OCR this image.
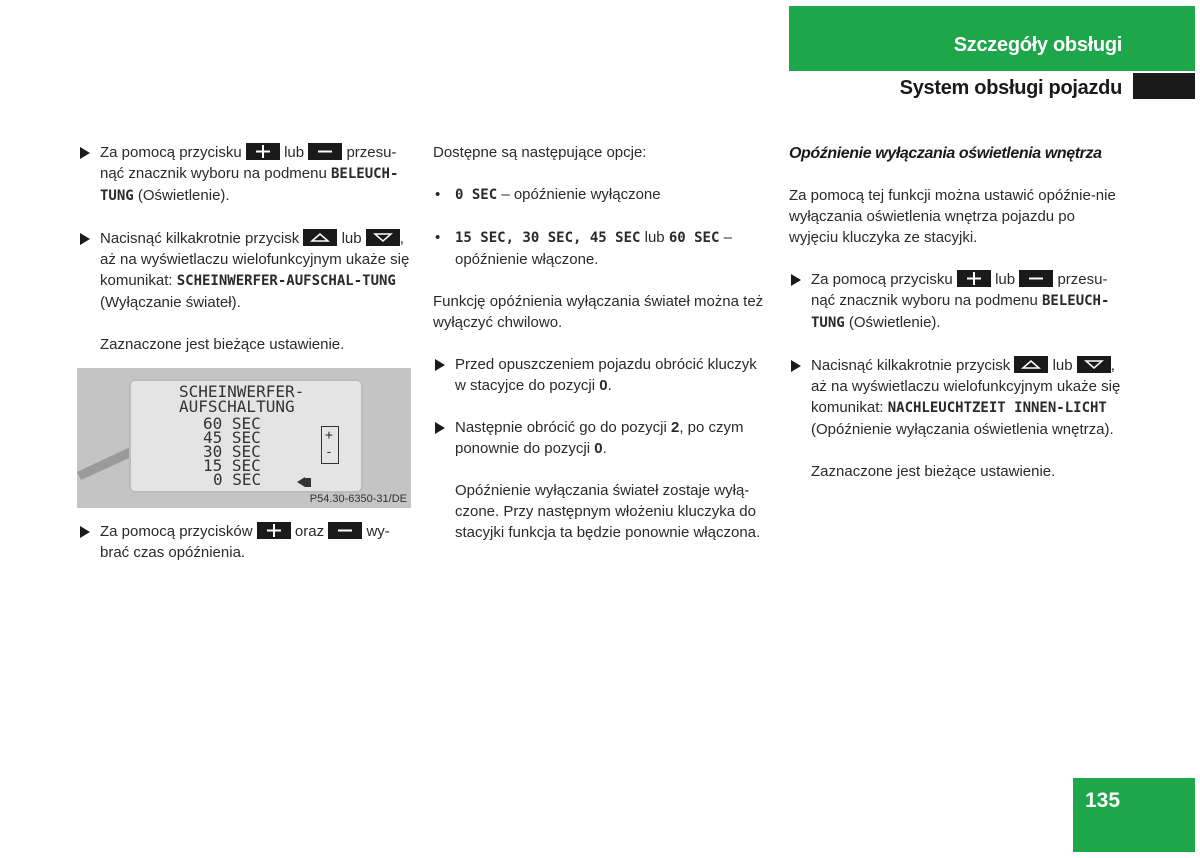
Szczegóły obsługi
System obsługi pojazdu

Za pomocą przycisku	lub	przesu-nąć znacznik wyboru na podmenu BELEUCH-TUNG (Oświetlenie).

Nacisnąć kilkakrotnie przycisk	lub	, aż na wyświetlaczu wielofunkcyjnym ukaże się komunikat: SCHEINWERFER-AUFSCHAL-TUNG (Wyłączanie świateł).

Zaznaczone jest bieżące ustawienie.

SCHEINWERFER-
AUFSCHALTUNG
60 SEC
45 SEC
30 SEC
15 SEC
0 SEC
+
-
P54.30-6350-31/DE

Za pomocą przycisków	oraz	wy-brać czas opóźnienia.

Dostępne są następujące opcje:

• 0 SEC – opóźnienie wyłączone

• 15 SEC, 30 SEC, 45 SEC lub 60 SEC – opóźnienie włączone.

Funkcję opóźnienia wyłączania świateł można też wyłączyć chwilowo.

Przed opuszczeniem pojazdu obrócić kluczyk w stacyjce do pozycji 0.

Następnie obrócić go do pozycji 2, po czym ponownie do pozycji 0.

Opóźnienie wyłączania świateł zostaje wyłą-czone. Przy następnym włożeniu kluczyka do stacyjki funkcja ta będzie ponownie włączona.

Opóźnienie wyłączania oświetlenia wnętrza

Za pomocą tej funkcji można ustawić opóźnie-nie wyłączania oświetlenia wnętrza pojazdu po wyjęciu kluczyka ze stacyjki.

Za pomocą przycisku	lub	przesu-nąć znacznik wyboru na podmenu BELEUCH-TUNG (Oświetlenie).

Nacisnąć kilkakrotnie przycisk	lub	, aż na wyświetlaczu wielofunkcyjnym ukaże się komunikat: NACHLEUCHTZEIT INNEN-LICHT (Opóźnienie wyłączania oświetlenia wnętrza).

Zaznaczone jest bieżące ustawienie.

135
